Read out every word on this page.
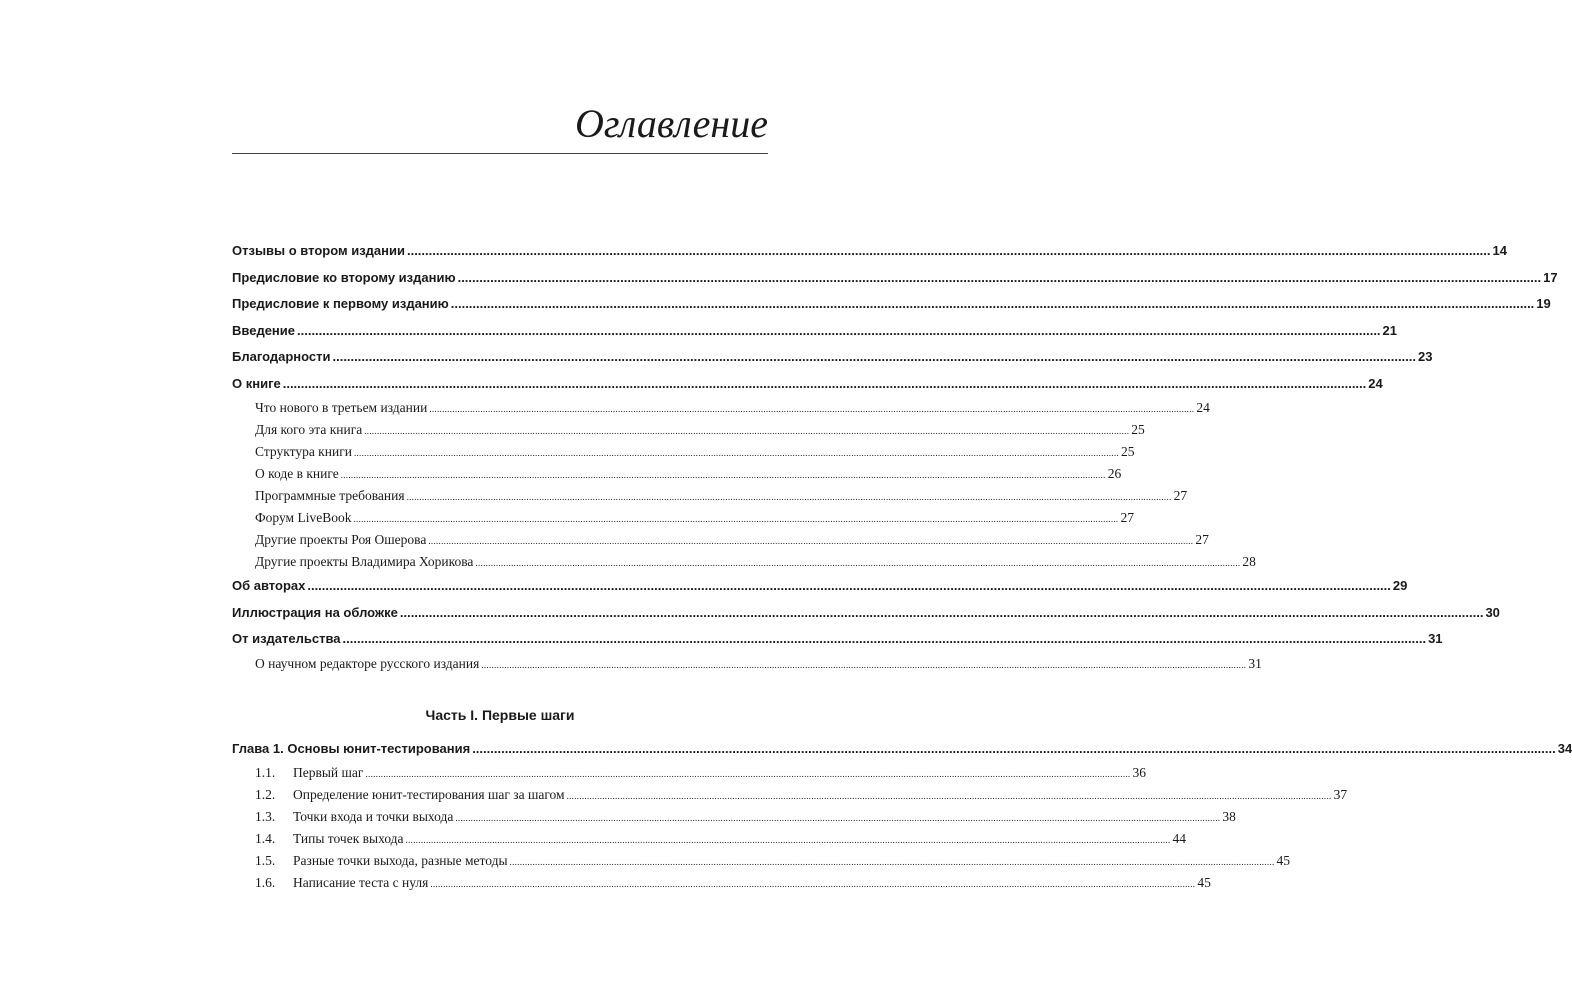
Оглавление
Отзывы о втором издании ............................................................................................................................................................................................................................................................................................................ 14
Предисловие ко второму изданию ............................................................................................................................................................................................................................................................................................................ 17
Предисловие к первому изданию ............................................................................................................................................................................................................................................................................................................ 19
Введение ............................................................................................................................................................................................................................................................................................................ 21
Благодарности ............................................................................................................................................................................................................................................................................................................ 23
О книге ............................................................................................................................................................................................................................................................................................................ 24
Что нового в третьем издании ............................................................................................................................................................................................................................................................................................................ 24
Для кого эта книга ............................................................................................................................................................................................................................................................................................................ 25
Структура книги ............................................................................................................................................................................................................................................................................................................ 25
О коде в книге ............................................................................................................................................................................................................................................................................................................ 26
Программные требования ............................................................................................................................................................................................................................................................................................................ 27
Форум LiveBook ............................................................................................................................................................................................................................................................................................................ 27
Другие проекты Роя Ошерова ............................................................................................................................................................................................................................................................................................................ 27
Другие проекты Владимира Хорикова ............................................................................................................................................................................................................................................................................................................ 28
Об авторах ............................................................................................................................................................................................................................................................................................................ 29
Иллюстрация на обложке ............................................................................................................................................................................................................................................................................................................ 30
От издательства ............................................................................................................................................................................................................................................................................................................ 31
О научном редакторе русского издания ............................................................................................................................................................................................................................................................................................................ 31
Часть I. Первые шаги
Глава 1. Основы юнит-тестирования ............................................................................................................................................................................................................................................................................................................ 34
1.1.	Первый шаг ............................................................................................................................................................................................................................................................................................................ 36
1.2.	Определение юнит-тестирования шаг за шагом ............................................................................................................................................................................................................................................................................................................ 37
1.3.	Точки входа и точки выхода ............................................................................................................................................................................................................................................................................................................ 38
1.4.	Типы точек выхода ............................................................................................................................................................................................................................................................................................................ 44
1.5.	Разные точки выхода, разные методы ............................................................................................................................................................................................................................................................................................................ 45
1.6.	Написание теста с нуля ............................................................................................................................................................................................................................................................................................................ 45
